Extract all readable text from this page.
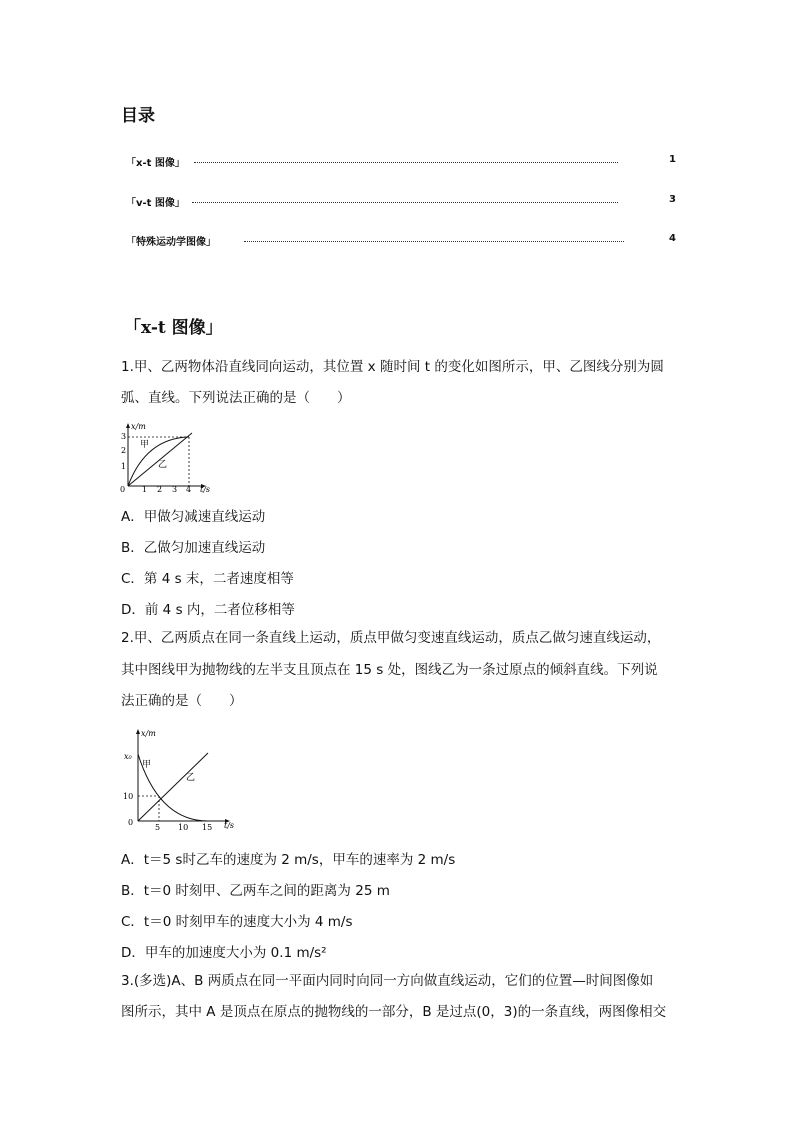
目录
「x-t 图像」	1
「v-t 图像」	3
「特殊运动学图像」	4
「x-t 图像」
1.甲、乙两物体沿直线同向运动，其位置 x 随时间 t 的变化如图所示，甲、乙图线分别为圆
弧、直线。下列说法正确的是（　　）
x/m
t/s
0
1
2
3
1 2 3 4
甲
乙
A．甲做匀减速直线运动
B．乙做匀加速直线运动
C．第 4 s 末，二者速度相等
D．前 4 s 内，二者位移相等
2.甲、乙两质点在同一条直线上运动，质点甲做匀变速直线运动，质点乙做匀速直线运动，
其中图线甲为抛物线的左半支且顶点在 15 s 处，图线乙为一条过原点的倾斜直线。下列说
法正确的是（　　）
x/m
t/s
0
x₀
10
5 10 15
甲
乙
A．t＝5 s时乙车的速度为 2 m/s，甲车的速率为 2 m/s
B．t＝0 时刻甲、乙两车之间的距离为 25 m
C．t＝0 时刻甲车的速度大小为 4 m/s
D．甲车的加速度大小为 0.1 m/s²
3.(多选)A、B 两质点在同一平面内同时向同一方向做直线运动，它们的位置—时间图像如
图所示，其中 A 是顶点在原点的抛物线的一部分，B 是过点(0，3)的一条直线，两图像相交
